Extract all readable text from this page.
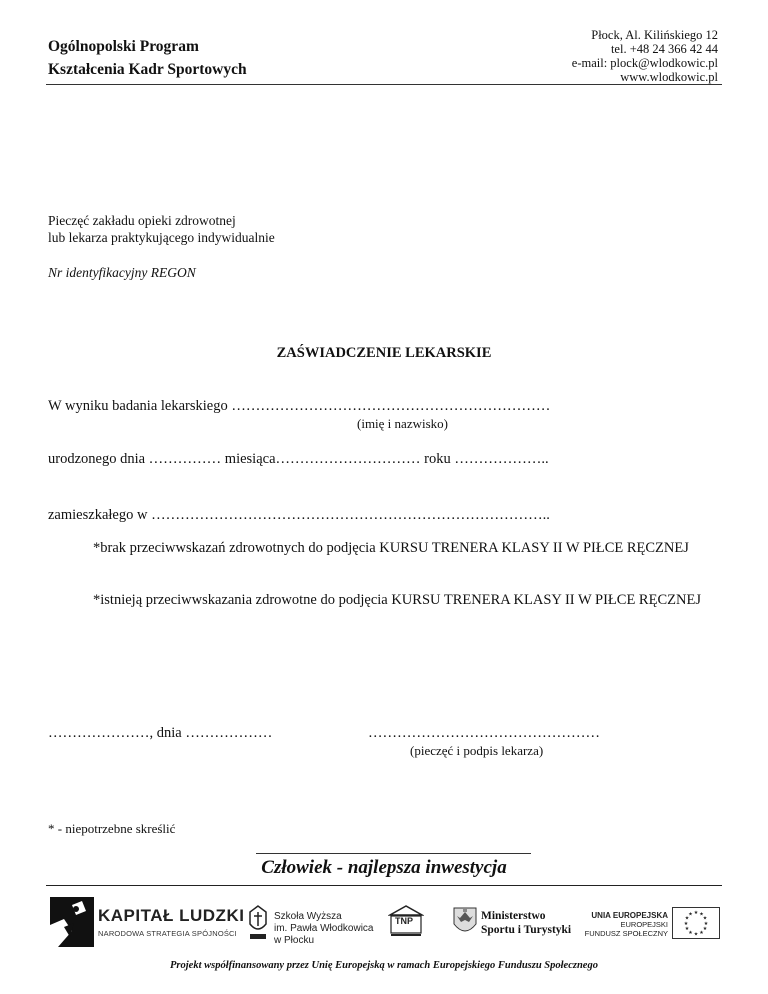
Ogólnopolski Program
Kształcenia Kadr Sportowych
Płock, Al. Kilińskiego 12
tel. +48 24 366 42 44
e-mail: plock@wlodkowic.pl
www.wlodkowic.pl
Pieczęć zakładu opieki zdrowotnej
lub lekarza praktykującego indywidualnie
Nr identyfikacyjny REGON
ZAŚWIADCZENIE LEKARSKIE
W wyniku badania lekarskiego …………………………………………………………
(imię i nazwisko)
urodzonego dnia …………… miesiąca………………………… roku ………………..
zamieszkałego w ………………………………………………………………………..
*brak przeciwwskazań zdrowotnych do podjęcia KURSU TRENERA KLASY II W PIŁCE RĘCZNEJ
*istnieją przeciwwskazania zdrowotne do podjęcia KURSU TRENERA KLASY II W PIŁCE RĘCZNEJ
…………………, dnia ………………	…………………………………………
(pieczęć i podpis lekarza)
* - niepotrzebne skreślić
Człowiek - najlepsza inwestycja
KAPITAŁ LUDZKI
NARODOWA STRATEGIA SPÓJNOŚCI
Szkoła Wyższa
im. Pawła Włodkowica
w Płocku
TNP	Ministerstwo
Sportu i Turystyki
UNIA EUROPEJSKA
EUROPEJSKI
FUNDUSZ SPOŁECZNY
★ ★
★
★
★
★
★
★
★
★
★
★
Projekt współfinansowany przez Unię Europejską w ramach Europejskiego Funduszu Społecznego
